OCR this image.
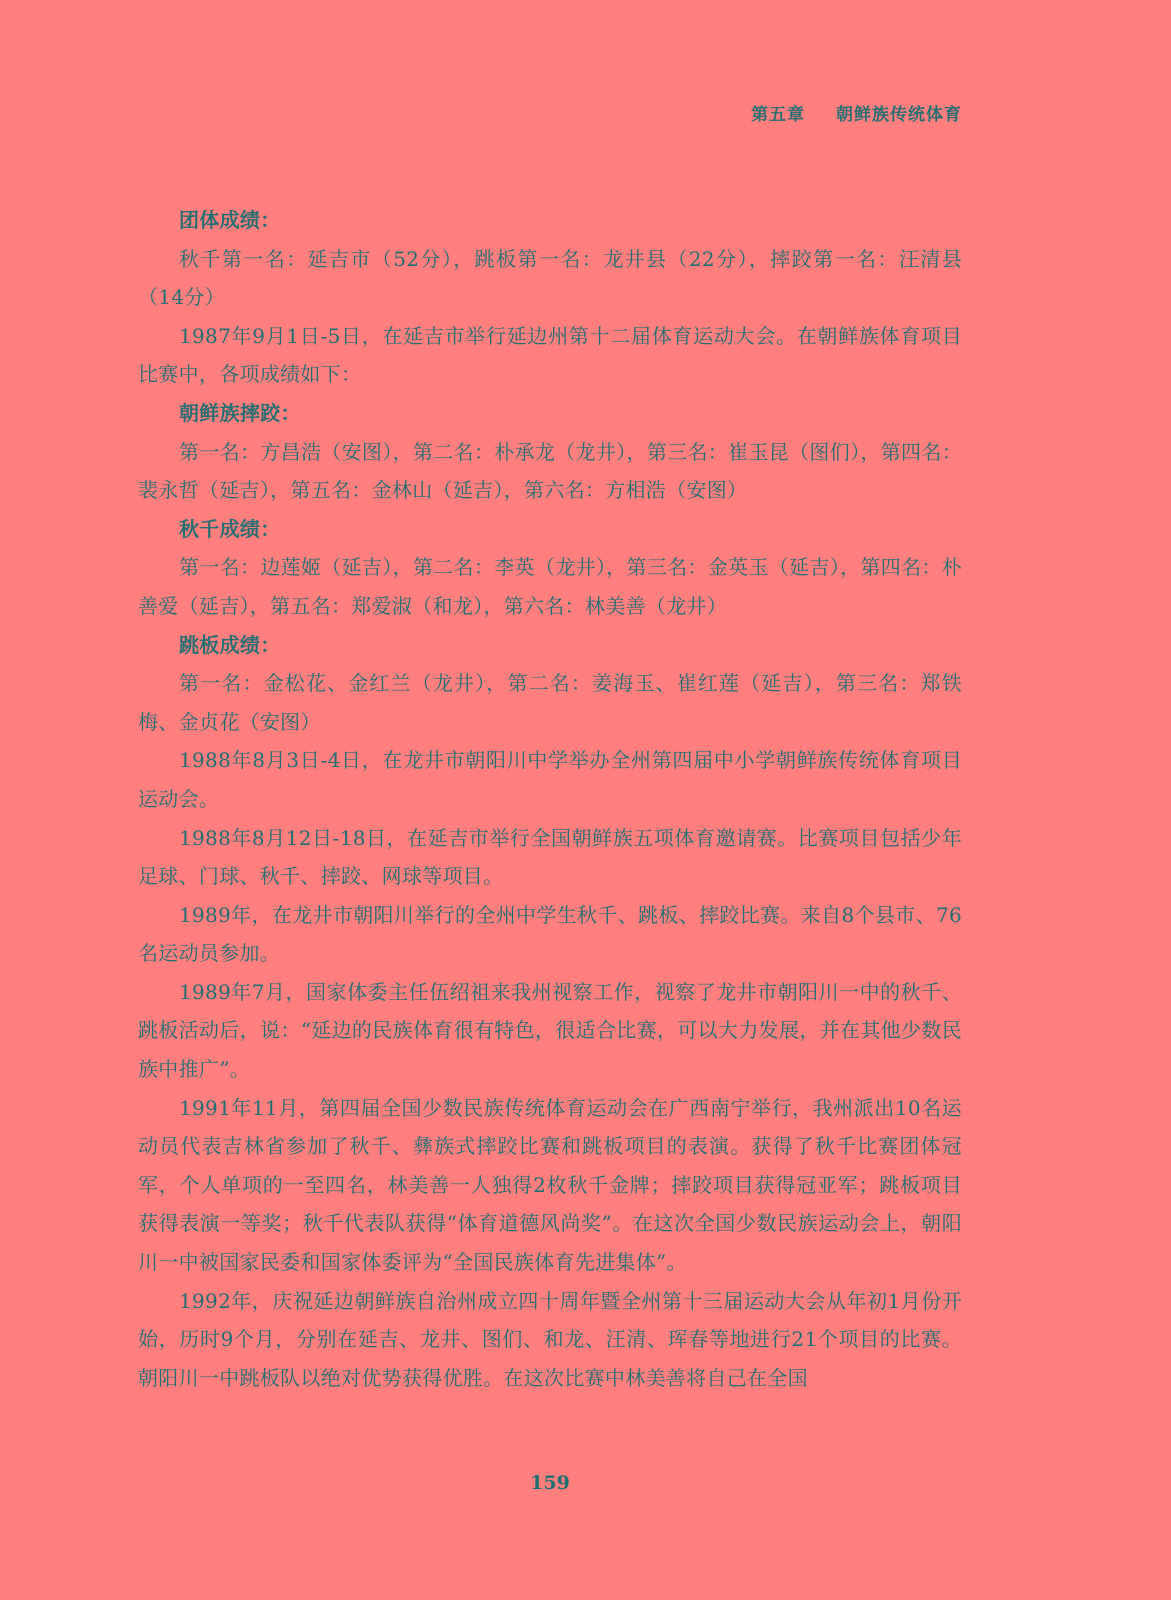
第五章 朝鲜族传统体育

团体成绩：

秋千第一名：延吉市（52分），跳板第一名：龙井县（22分），摔跤第一名：汪清县（14分）

1987年9月1日-5日，在延吉市举行延边州第十二届体育运动大会。在朝鲜族体育项目比赛中，各项成绩如下：

朝鲜族摔跤：

第一名：方昌浩（安图），第二名：朴承龙（龙井），第三名：崔玉昆（图们），第四名：裴永哲（延吉），第五名：金林山（延吉），第六名：方相浩（安图）

秋千成绩：

第一名：边莲姬（延吉），第二名：李英（龙井），第三名：金英玉（延吉），第四名：朴善爱（延吉），第五名：郑爱淑（和龙），第六名：林美善（龙井）

跳板成绩：

第一名：金松花、金红兰（龙井），第二名：姜海玉、崔红莲（延吉），第三名：郑铁梅、金贞花（安图）

1988年8月3日-4日，在龙井市朝阳川中学举办全州第四届中小学朝鲜族传统体育项目运动会。

1988年8月12日-18日，在延吉市举行全国朝鲜族五项体育邀请赛。比赛项目包括少年足球、门球、秋千、摔跤、网球等项目。

1989年，在龙井市朝阳川举行的全州中学生秋千、跳板、摔跤比赛。来自8个县市、76名运动员参加。

1989年7月，国家体委主任伍绍祖来我州视察工作，视察了龙井市朝阳川一中的秋千、跳板活动后，说：“延边的民族体育很有特色，很适合比赛，可以大力发展，并在其他少数民族中推广”。

1991年11月，第四届全国少数民族传统体育运动会在广西南宁举行，我州派出10名运动员代表吉林省参加了秋千、彝族式摔跤比赛和跳板项目的表演。获得了秋千比赛团体冠军，个人单项的一至四名，林美善一人独得2枚秋千金牌；摔跤项目获得冠亚军；跳板项目获得表演一等奖；秋千代表队获得“体育道德风尚奖”。在这次全国少数民族运动会上，朝阳川一中被国家民委和国家体委评为“全国民族体育先进集体”。

1992年，庆祝延边朝鲜族自治州成立四十周年暨全州第十三届运动大会从年初1月份开始，历时9个月，分别在延吉、龙井、图们、和龙、汪清、珲春等地进行21个项目的比赛。朝阳川一中跳板队以绝对优势获得优胜。在这次比赛中林美善将自己在全国

159
